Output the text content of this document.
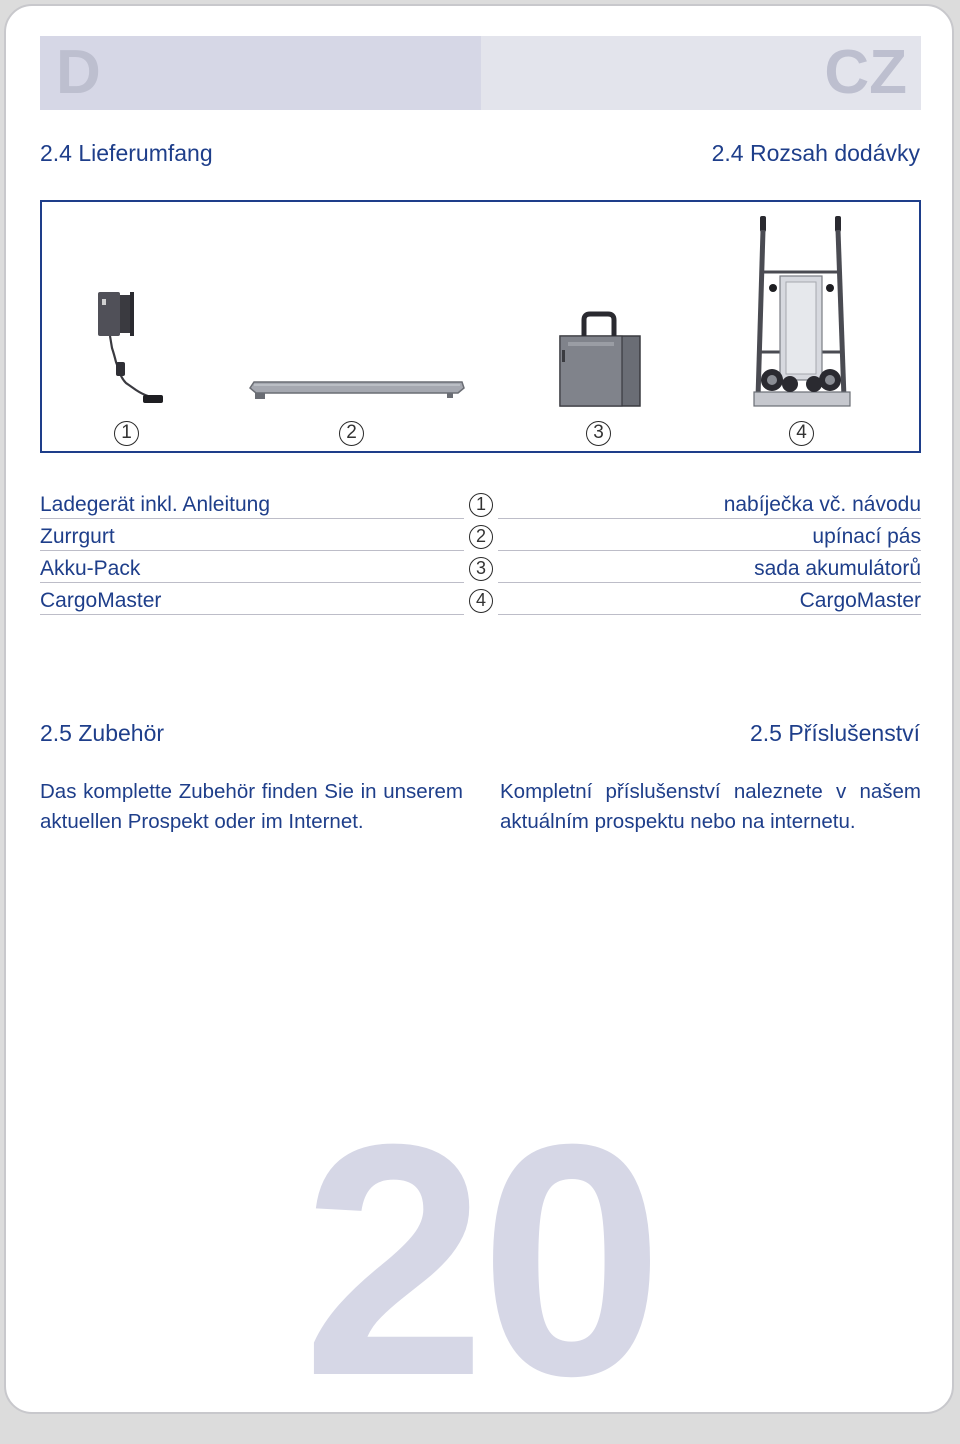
D	CZ
2.4 Lieferumfang	2.4 Rozsah dodávky
1	2	3	4
Ladegerät inkl. Anleitung	1	nabíječka vč. návodu
Zurrgurt	2	upínací pás
Akku-Pack	3	sada akumulátorů
CargoMaster	4	CargoMaster
2.5 Zubehör	2.5 Příslušenství
Das komplette Zubehör finden Sie in unserem aktuellen Prospekt oder im Internet.
Kompletní příslušenství naleznete v našem aktuálním prospektu nebo na internetu.
20
